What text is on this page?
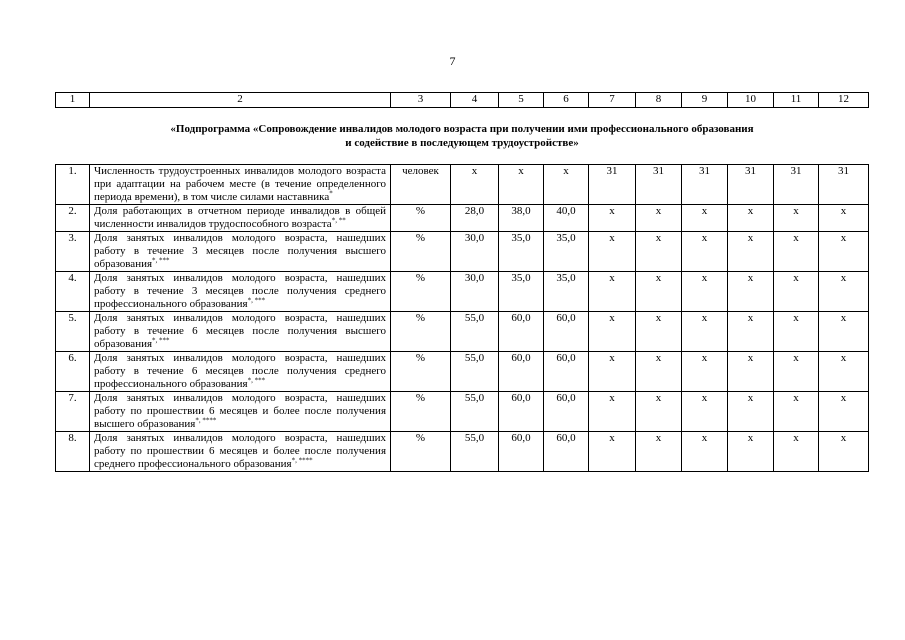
7
1	2	3	4	5	6	7	8	9	10	11	12
«Подпрограмма «Сопровождение инвалидов молодого возраста при получении ими профессионального образования
и содействие в последующем трудоустройстве»											
1.	Численность трудоустроенных инвалидов молодого возраста при адаптации на рабочем месте (в течение определенного периода времени), в том числе силами наставника*	человек	х	х	х	31	31	31	31	31	31
2.	Доля работающих в отчетном периоде инвалидов в общей численности инвалидов трудоспособного возраста*, **	%	28,0	38,0	40,0	х	х	х	х	х	х
3.	Доля занятых инвалидов молодого возраста, нашедших работу в течение 3 месяцев после получения высшего образования*, ***	%	30,0	35,0	35,0	х	х	х	х	х	х
4.	Доля занятых инвалидов молодого возраста, нашедших работу в течение 3 месяцев после получения среднего профессионального образования*, ***	%	30,0	35,0	35,0	х	х	х	х	х	х
5.	Доля занятых инвалидов молодого возраста, нашедших работу в течение 6 месяцев после получения высшего образования*, ***	%	55,0	60,0	60,0	х	х	х	х	х	х
6.	Доля занятых инвалидов молодого возраста, нашедших работу в течение 6 месяцев после получения среднего профессионального образования*, ***	%	55,0	60,0	60,0	х	х	х	х	х	х
7.	Доля занятых инвалидов молодого возраста, нашедших работу по прошествии 6 месяцев и более после получения высшего образования*, ****	%	55,0	60,0	60,0	х	х	х	х	х	х
8.	Доля занятых инвалидов молодого возраста, нашедших работу по прошествии 6 месяцев и более после получения среднего профессионального образования*, ****	%	55,0	60,0	60,0	х	х	х	х	х	х
